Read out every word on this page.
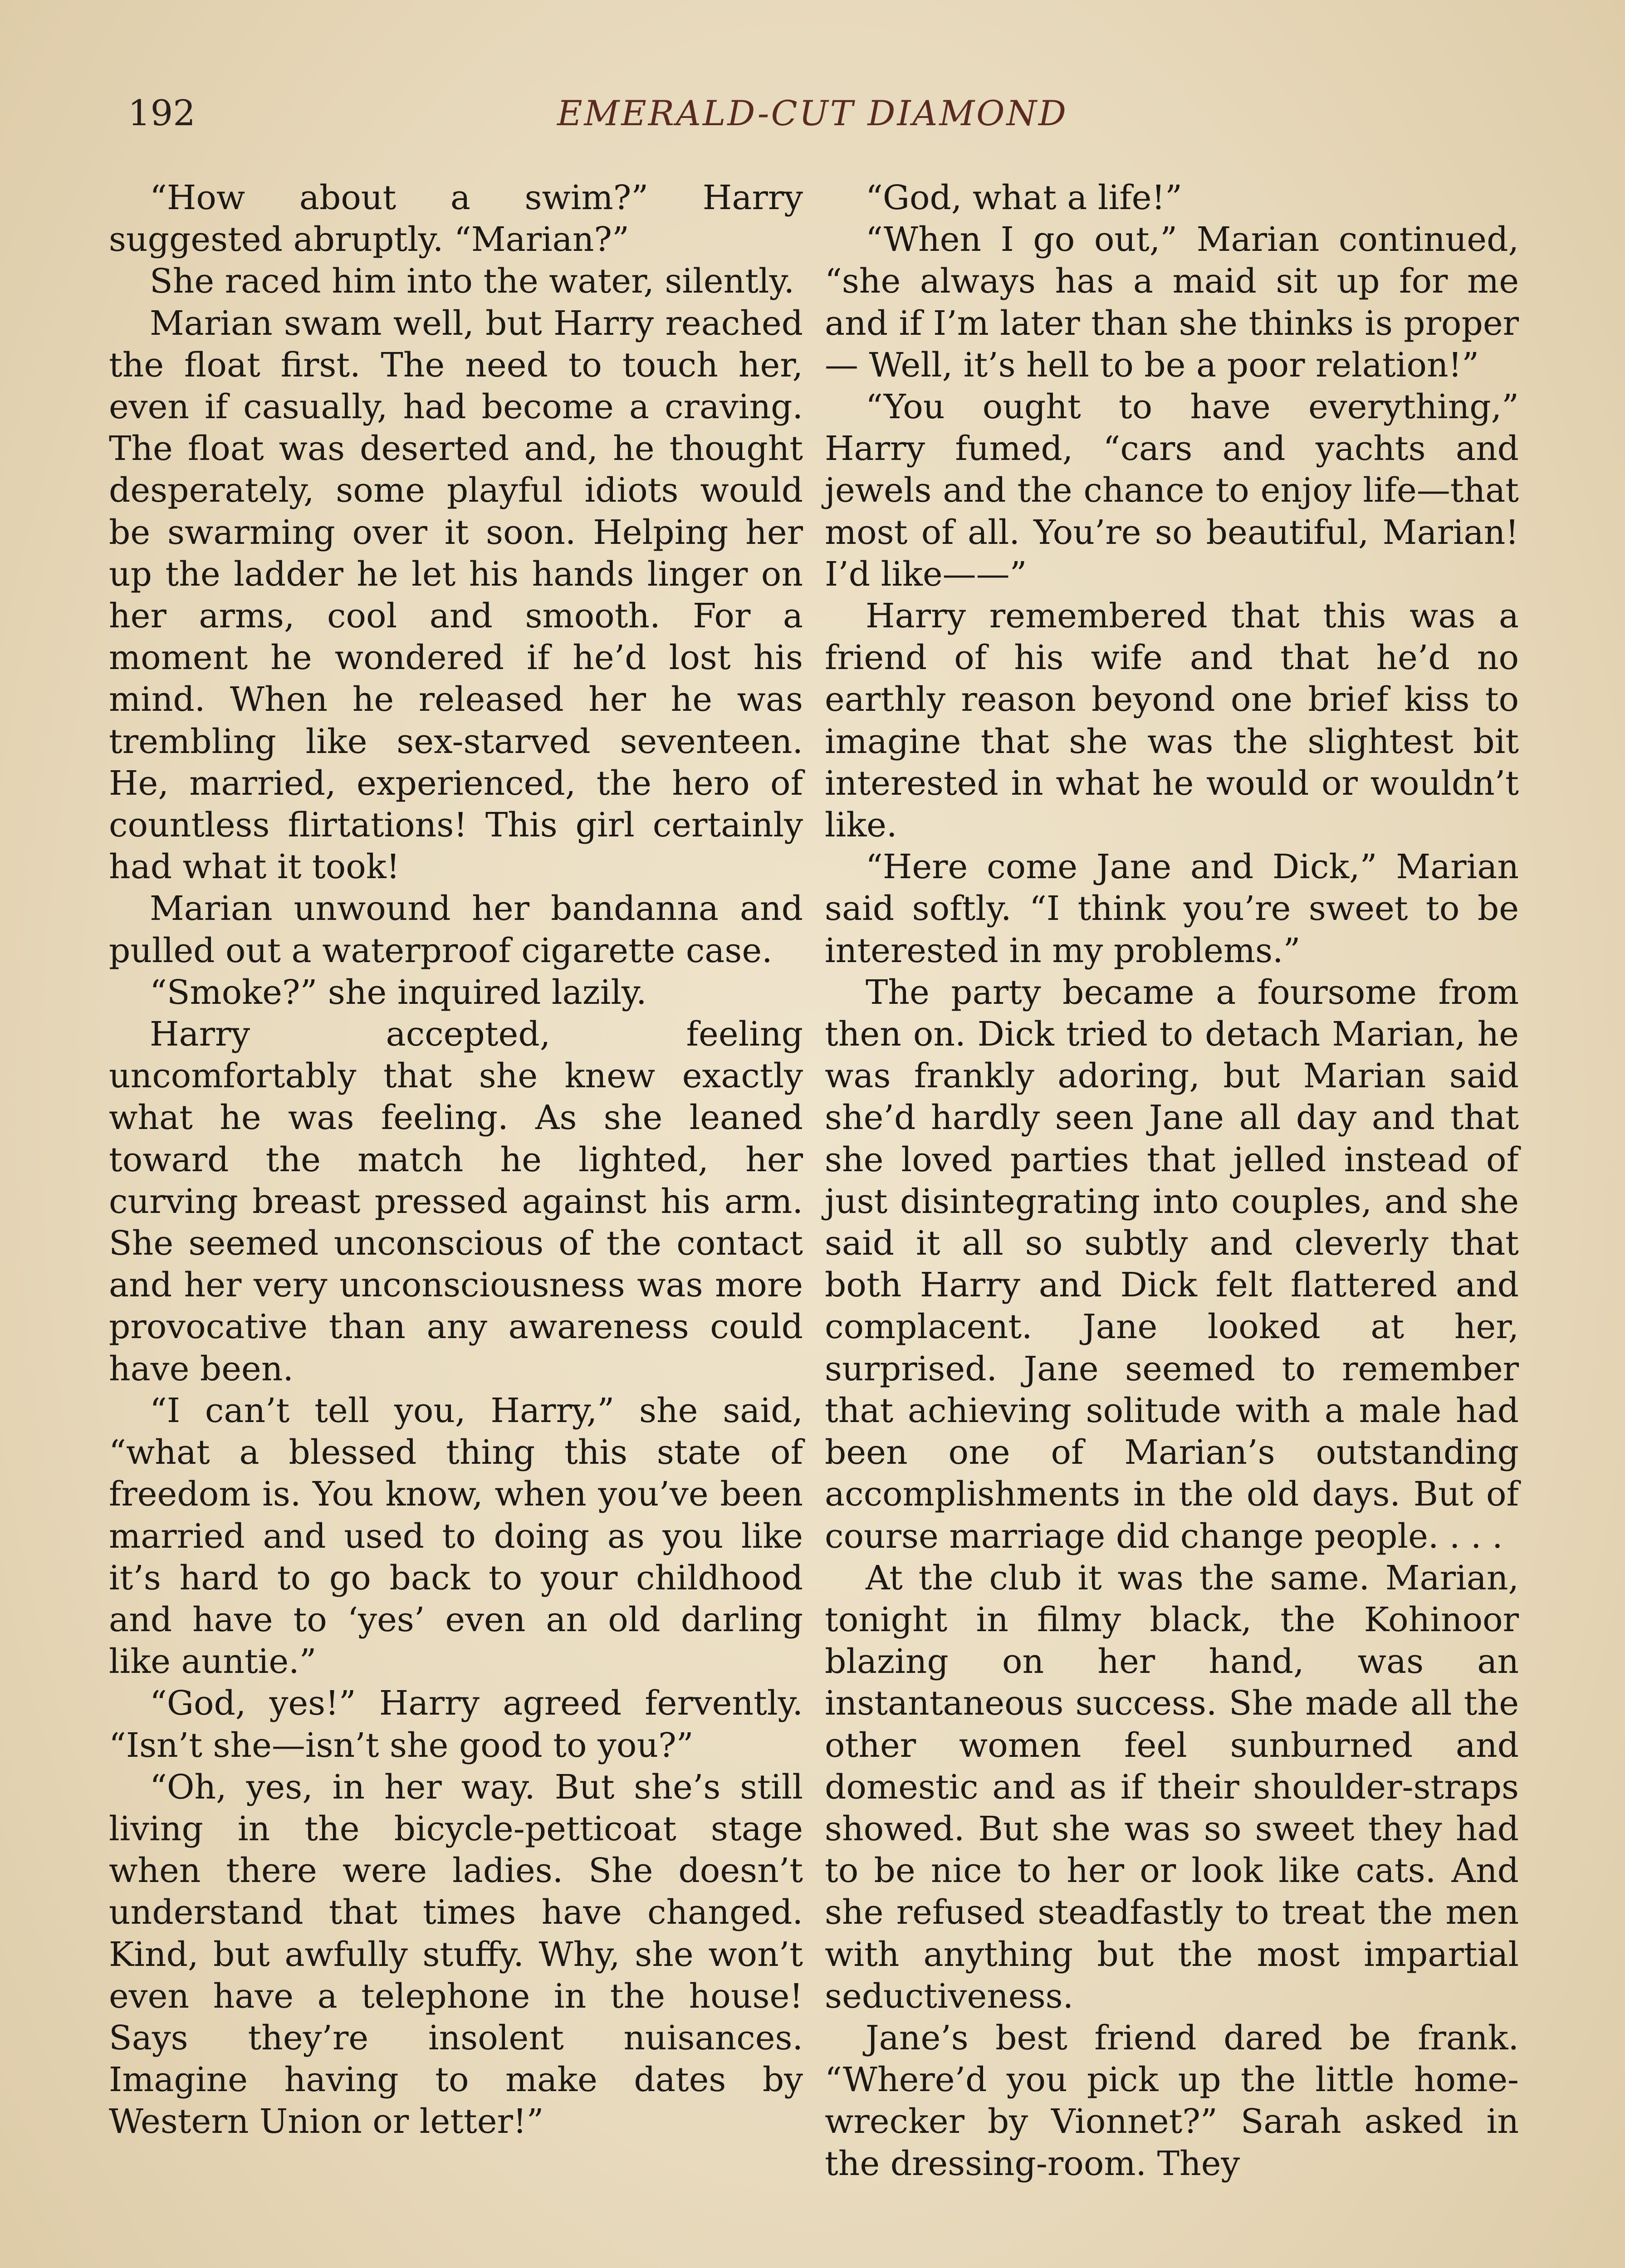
192	EMERALD-CUT DIAMOND

“How about a swim?” Harry suggested abruptly. “Marian?”

She raced him into the water, silently.

Marian swam well, but Harry reached the float first. The need to touch her, even if casually, had become a craving. The float was deserted and, he thought desperately, some playful idiots would be swarming over it soon. Helping her up the ladder he let his hands linger on her arms, cool and smooth. For a moment he wondered if he’d lost his mind. When he released her he was trembling like sex-starved seventeen. He, married, experienced, the hero of countless flirtations! This girl certainly had what it took!

Marian unwound her bandanna and pulled out a waterproof cigarette case.

“Smoke?” she inquired lazily.

Harry accepted, feeling uncomfortably that she knew exactly what he was feeling. As she leaned toward the match he lighted, her curving breast pressed against his arm. She seemed unconscious of the contact and her very unconsciousness was more provocative than any awareness could have been.

“I can’t tell you, Harry,” she said, “what a blessed thing this state of freedom is. You know, when you’ve been married and used to doing as you like it’s hard to go back to your childhood and have to ‘yes’ even an old darling like auntie.”

“God, yes!” Harry agreed fervently. “Isn’t she—isn’t she good to you?”

“Oh, yes, in her way. But she’s still living in the bicycle-petticoat stage when there were ladies. She doesn’t understand that times have changed. Kind, but awfully stuffy. Why, she won’t even have a telephone in the house! Says they’re insolent nuisances. Imagine having to make dates by Western Union or letter!”

“God, what a life!”

“When I go out,” Marian continued, “she always has a maid sit up for me and if I’m later than she thinks is proper— Well, it’s hell to be a poor relation!”

“You ought to have everything,” Harry fumed, “cars and yachts and jewels and the chance to enjoy life—that most of all. You’re so beautiful, Marian! I’d like——”

Harry remembered that this was a friend of his wife and that he’d no earthly reason beyond one brief kiss to imagine that she was the slightest bit interested in what he would or wouldn’t like.

“Here come Jane and Dick,” Marian said softly. “I think you’re sweet to be interested in my problems.”

The party became a foursome from then on. Dick tried to detach Marian, he was frankly adoring, but Marian said she’d hardly seen Jane all day and that she loved parties that jelled instead of just disintegrating into couples, and she said it all so subtly and cleverly that both Harry and Dick felt flattered and complacent. Jane looked at her, surprised. Jane seemed to remember that achieving solitude with a male had been one of Marian’s outstanding accomplishments in the old days. But of course marriage did change people. . . .

At the club it was the same. Marian, tonight in filmy black, the Kohinoor blazing on her hand, was an instantaneous success. She made all the other women feel sunburned and domestic and as if their shoulder-straps showed. But she was so sweet they had to be nice to her or look like cats. And she refused steadfastly to treat the men with anything but the most impartial seductiveness.

Jane’s best friend dared be frank. “Where’d you pick up the little home-wrecker by Vionnet?” Sarah asked in the dressing-room. They
